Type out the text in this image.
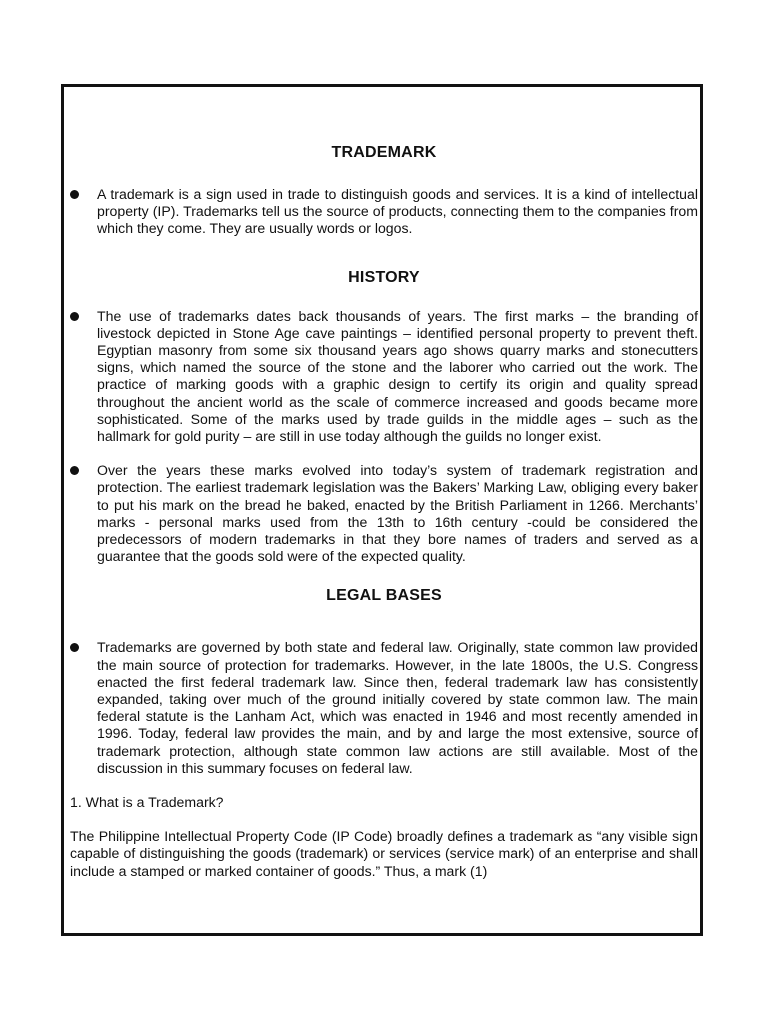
TRADEMARK
A trademark is a sign used in trade to distinguish goods and services. It is a kind of intellectual property (IP). Trademarks tell us the source of products, connecting them to the companies from which they come. They are usually words or logos.
HISTORY
The use of trademarks dates back thousands of years. The first marks – the branding of livestock depicted in Stone Age cave paintings – identified personal property to prevent theft. Egyptian masonry from some six thousand years ago shows quarry marks and stonecutters signs, which named the source of the stone and the laborer who carried out the work. The practice of marking goods with a graphic design to certify its origin and quality spread throughout the ancient world as the scale of commerce increased and goods became more sophisticated. Some of the marks used by trade guilds in the middle ages – such as the hallmark for gold purity – are still in use today although the guilds no longer exist.
Over the years these marks evolved into today’s system of trademark registration and protection. The earliest trademark legislation was the Bakers’ Marking Law, obliging every baker to put his mark on the bread he baked, enacted by the British Parliament in 1266. Merchants’ marks - personal marks used from the 13th to 16th century -could be considered the predecessors of modern trademarks in that they bore names of traders and served as a guarantee that the goods sold were of the expected quality.
LEGAL BASES
Trademarks are governed by both state and federal law. Originally, state common law provided the main source of protection for trademarks. However, in the late 1800s, the U.S. Congress enacted the first federal trademark law. Since then, federal trademark law has consistently expanded, taking over much of the ground initially covered by state common law. The main federal statute is the Lanham Act, which was enacted in 1946 and most recently amended in 1996. Today, federal law provides the main, and by and large the most extensive, source of trademark protection, although state common law actions are still available. Most of the discussion in this summary focuses on federal law.

1. What is a Trademark?

The Philippine Intellectual Property Code (IP Code) broadly defines a trademark as “any visible sign capable of distinguishing the goods (trademark) or services (service mark) of an enterprise and shall include a stamped or marked container of goods.” Thus, a mark (1)
